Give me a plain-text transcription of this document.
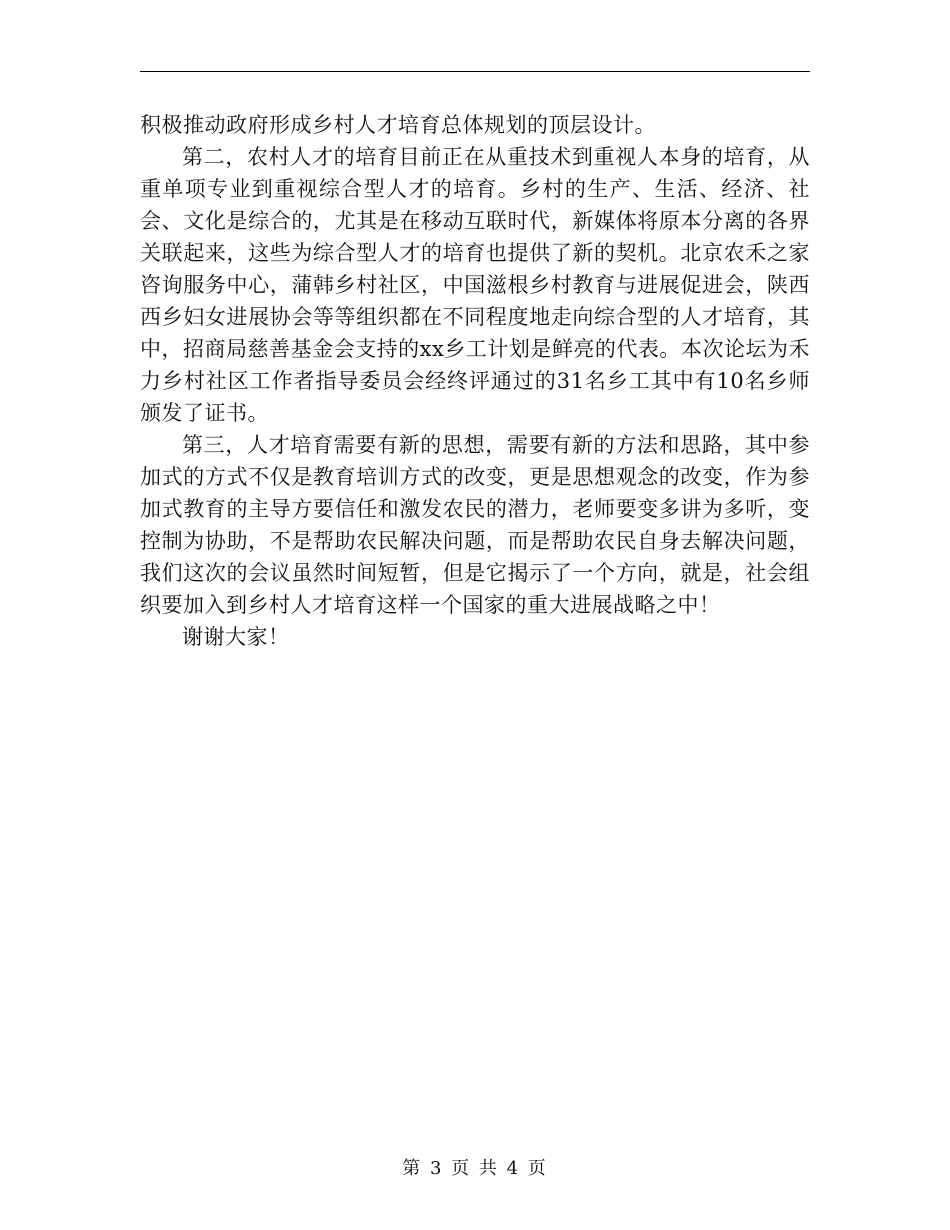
积极推动政府形成乡村人才培育总体规划的顶层设计。

第二，农村人才的培育目前正在从重技术到重视人本身的培育，从重单项专业到重视综合型人才的培育。乡村的生产、生活、经济、社会、文化是综合的，尤其是在移动互联时代，新媒体将原本分离的各界关联起来，这些为综合型人才的培育也提供了新的契机。北京农禾之家咨询服务中心，蒲韩乡村社区，中国滋根乡村教育与进展促进会，陕西西乡妇女进展协会等等组织都在不同程度地走向综合型的人才培育，其中，招商局慈善基金会支持的xx乡工计划是鲜亮的代表。本次论坛为禾力乡村社区工作者指导委员会经终评通过的31名乡工其中有10名乡师颁发了证书。

第三，人才培育需要有新的思想，需要有新的方法和思路，其中参加式的方式不仅是教育培训方式的改变，更是思想观念的改变，作为参加式教育的主导方要信任和激发农民的潜力，老师要变多讲为多听，变控制为协助，不是帮助农民解决问题，而是帮助农民自身去解决问题，我们这次的会议虽然时间短暂，但是它揭示了一个方向，就是，社会组织要加入到乡村人才培育这样一个国家的重大进展战略之中！

谢谢大家！

第 3 页 共 4 页
